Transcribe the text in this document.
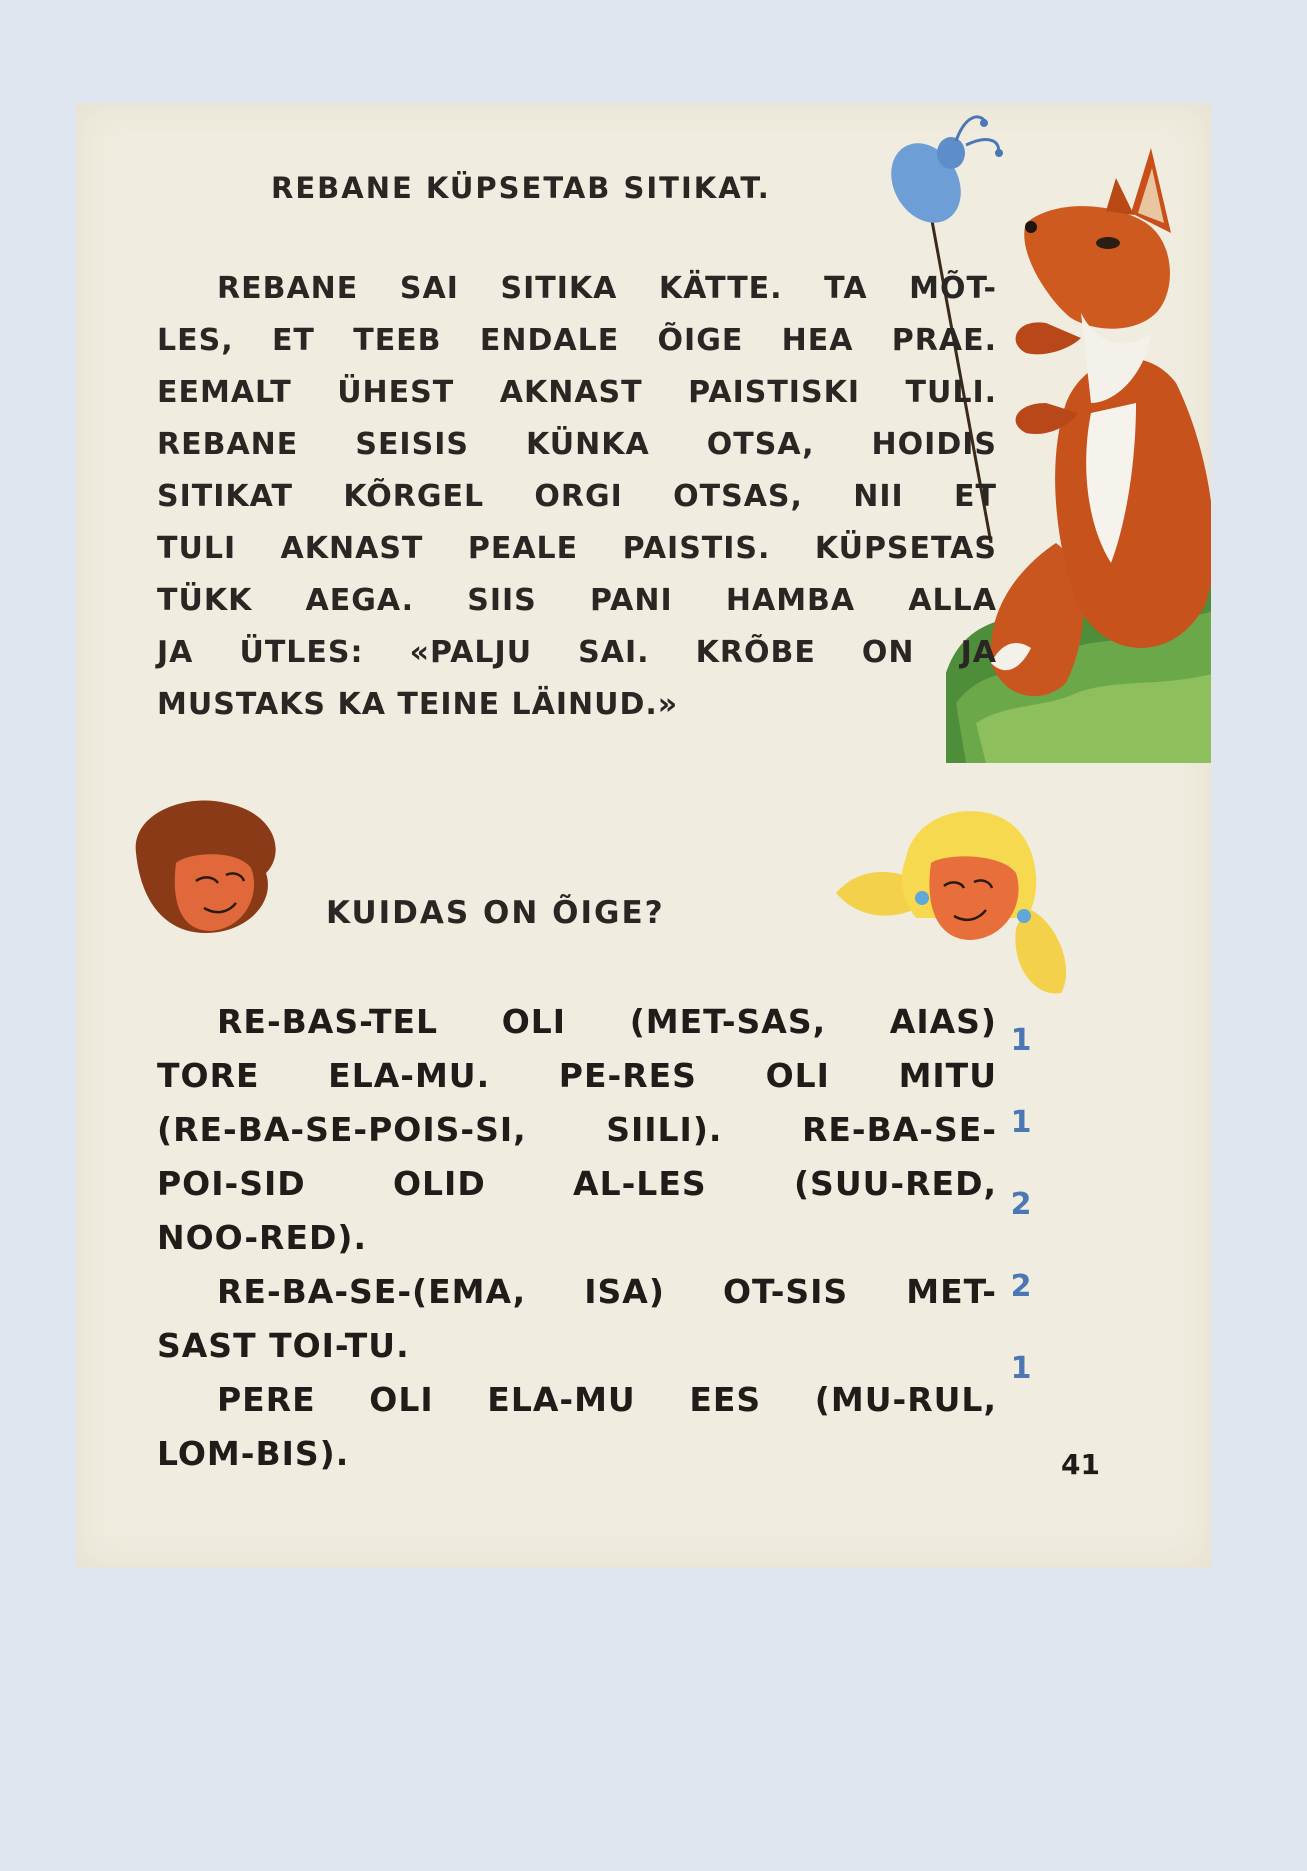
REBANE KÜPSETAB SITIKAT.
REBANE SAI SITIKA KÄTTE. TA MÕT-
LES, ET TEEB ENDALE ÕIGE HEA PRAE.
EEMALT ÜHEST AKNAST PAISTISKI TULI.
REBANE SEISIS KÜNKA OTSA, HOIDIS
SITIKAT KÕRGEL ORGI OTSAS, NII ET
TULI AKNAST PEALE PAISTIS. KÜPSETAS
TÜKK AEGA. SIIS PANI HAMBA ALLA
JA ÜTLES: «PALJU SAI. KRÕBE ON JA
MUSTAKS KA TEINE LÄINUD.»
KUIDAS ON ÕIGE?
RE-BAS-TEL OLI (MET-SAS, AIAS)
TORE ELA-MU. PE-RES OLI MITU
(RE-BA-SE-POIS-SI, SIILI). RE-BA-SE-
POI-SID OLID AL-LES (SUU-RED,
NOO-RED).
RE-BA-SE-(EMA, ISA) OT-SIS MET-
SAST TOI-TU.
PERE OLI ELA-MU EES (MU-RUL,
LOM-BIS).
1
1
2
2
1

41
